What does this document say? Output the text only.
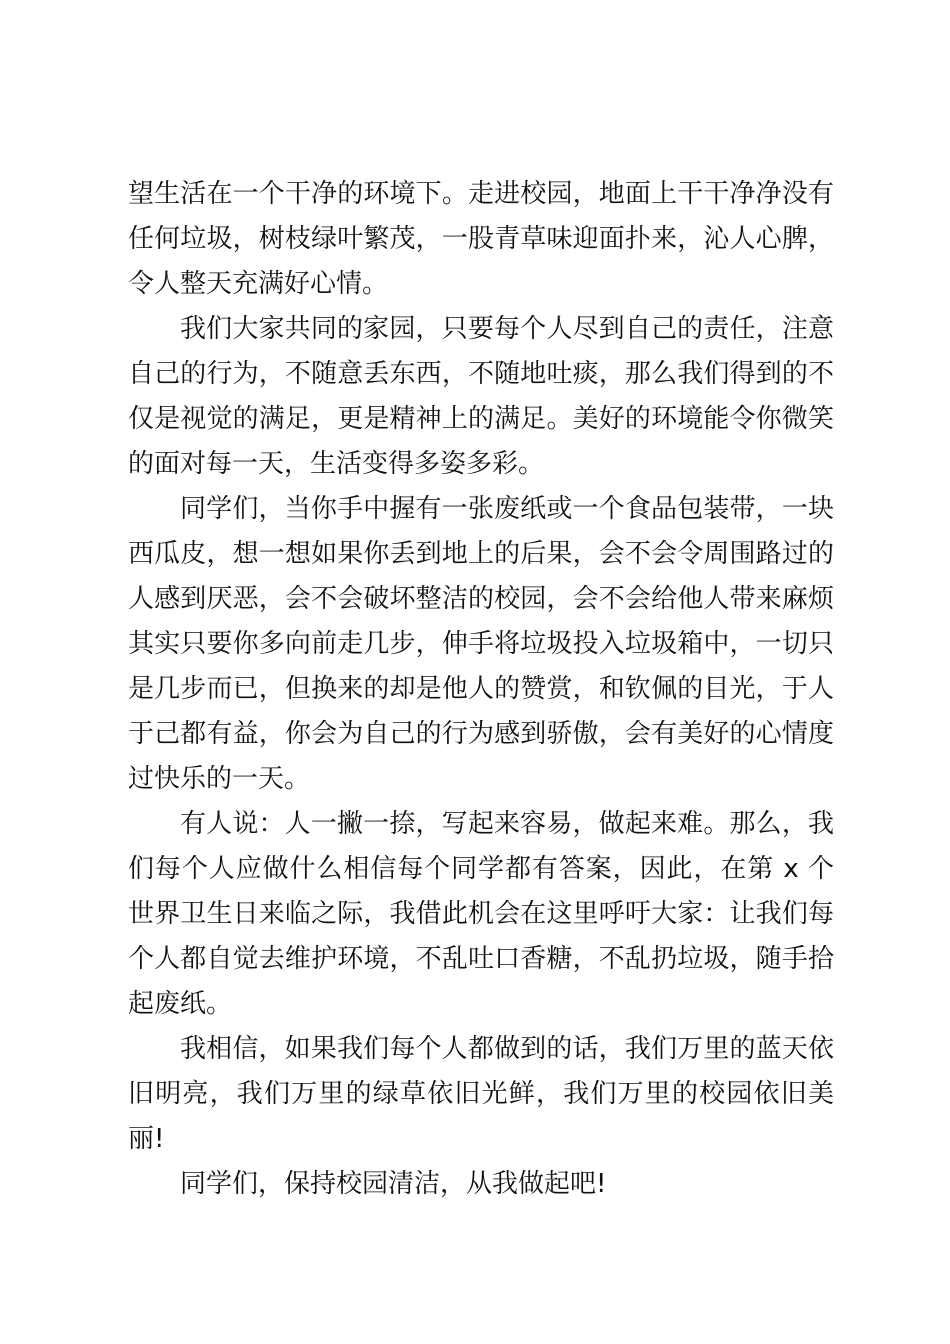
望生活在一个干净的环境下。走进校园，地面上干干净净没有任何垃圾，树枝绿叶繁茂，一股青草味迎面扑来，沁人心脾，令人整天充满好心情。

我们大家共同的家园，只要每个人尽到自己的责任，注意自己的行为，不随意丢东西，不随地吐痰，那么我们得到的不仅是视觉的满足，更是精神上的满足。美好的环境能令你微笑的面对每一天，生活变得多姿多彩。

同学们，当你手中握有一张废纸或一个食品包装带，一块西瓜皮，想一想如果你丢到地上的后果，会不会令周围路过的人感到厌恶，会不会破坏整洁的校园，会不会给他人带来麻烦其实只要你多向前走几步，伸手将垃圾投入垃圾箱中，一切只是几步而已，但换来的却是他人的赞赏，和钦佩的目光，于人于己都有益，你会为自己的行为感到骄傲，会有美好的心情度过快乐的一天。

有人说：人一撇一捺，写起来容易，做起来难。那么，我们每个人应做什么相信每个同学都有答案，因此，在第 x 个世界卫生日来临之际，我借此机会在这里呼吁大家：让我们每个人都自觉去维护环境，不乱吐口香糖，不乱扔垃圾，随手拾起废纸。

我相信，如果我们每个人都做到的话，我们万里的蓝天依旧明亮，我们万里的绿草依旧光鲜，我们万里的校园依旧美丽!

同学们，保持校园清洁，从我做起吧!
